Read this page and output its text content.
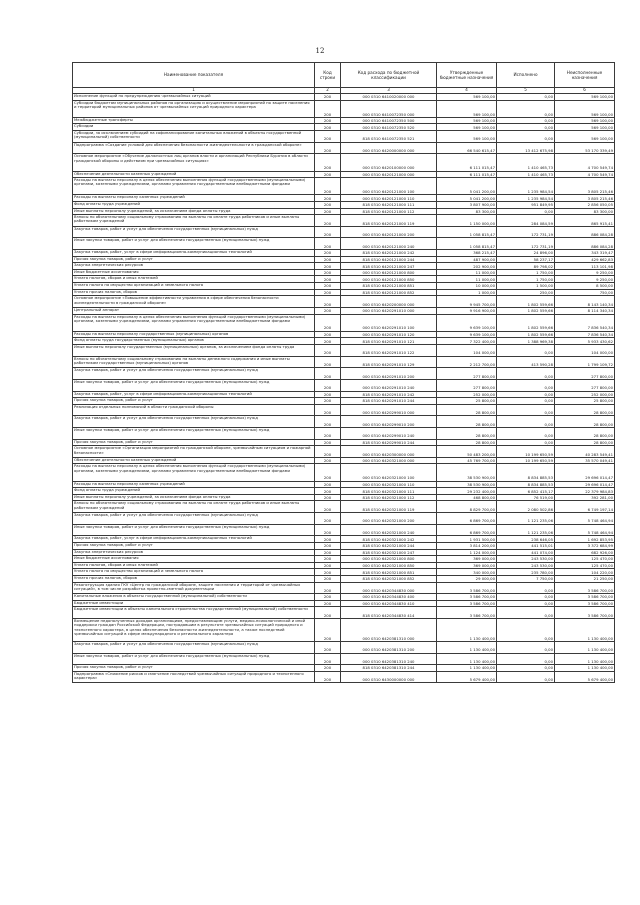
12
Наименование показателя	Код строки	Код расхода по бюджетной классификации	Утвержденные бюджетные назначения	Исполнено	Неисполненные назначения
1	2	3	4	5	6
Исполнение функций по предупреждению чрезвычайных ситуаций	200	000 0310 6410020000 000	569 100,00	0,00	569 100,00
Субсидии бюджетам муниципальных районов на организацию и осуществление мероприятий по защите населения и территорий муниципальных районов от чрезвычайных ситуаций природного характера	200	000 0310 6410072350 000	569 100,00	0,00	569 100,00
Межбюджетные трансферты	200	000 0310 6410072350 500	569 100,00	0,00	569 100,00
Субсидии	200	000 0310 6410072350 520	569 100,00	0,00	569 100,00
Субсидии, за исключением субсидий на софинансирование капитальных вложений в объекты государственной (муниципальной) собственности	200	818 0310 6410072350 521	569 100,00	0,00	569 100,00
Подпрограмма «Создание условий для обеспечения безопасности жизнедеятельности в гражданской обороне»	200	000 0310 6420000000 000	66 540 615,47	13 412 675,98	53 170 339,49
Основное мероприятие «Обучение должностных лиц органов власти и организаций Республики Бурятия в области гражданской обороны и действиям при чрезвычайных ситуациях»	200	000 0310 6420100000 000	6 111 015,47	1 410 465,73	4 700 549,74
Обеспечение деятельности казенных учреждений	200	000 0310 6420121000 000	6 111 015,47	1 410 465,73	4 700 549,74
Расходы на выплаты персоналу в целях обеспечения выполнения функций государственными (муниципальными) органами, казенными учреждениями, органами управления государственными внебюджетными фондами	200	000 0310 6420121000 100	5 041 200,00	1 235 984,54	3 805 215,46
Расходы на выплаты персоналу казенных учреждений	200	000 0310 6420121000 110	5 041 200,00	1 235 984,54	3 805 215,46
Фонд оплаты труда учреждений	200	818 0310 6420121000 111	3 807 900,00	951 849,95	2 856 050,05
Иные выплаты персоналу учреждений, за исключением фонда оплаты труда	200	818 0310 6420121000 112	83 300,00	0,00	83 300,00
Взносы по обязательному социальному страхованию на выплаты по оплате труда работников и иные выплаты работникам учреждений	200	818 0310 6420121000 119	1 150 000,00	284 084,59	865 915,41
Закупка товаров, работ и услуг для обеспечения государственных (муниципальных) нужд	200	000 0310 6420121000 200	1 058 815,47	172 731,19	886 084,28
Иные закупки товаров, работ и услуг для обеспечения государственных (муниципальных) нужд	200	000 0310 6420121000 240	1 058 815,47	172 731,19	886 084,28
Закупка товаров, работ, услуг в сфере информационно-коммуникационных технологий	200	818 0310 6420121000 242	368 215,47	24 896,00	343 319,47
Прочая закупка товаров, работ и услуг	200	818 0310 6420121000 244	487 900,00	58 237,17	429 662,83
Закупка энергетических ресурсов	200	818 0310 6420121000 247	202 900,00	89 798,02	113 101,98
Иные бюджетные ассигнования	200	000 0310 6420121000 800	11 000,00	1 750,00	9 250,00
Уплата налогов, сборов и иных платежей	200	000 0310 6420121000 850	11 000,00	1 750,00	9 250,00
Уплата налога на имущество организаций и земельного налога	200	818 0310 6420121000 851	10 000,00	1 500,00	8 500,00
Уплата прочих налогов, сборов	200	818 0310 6420121000 852	1 000,00	250,00	750,00
Основное мероприятие «Повышение эффективности управления в сфере обеспечения безопасности жизнедеятельности в гражданской обороне»	200	000 0310 6420200000 000	9 945 700,00	1 802 559,66	8 143 140,34
Центральный аппарат	200	000 0310 6420291010 000	9 916 900,00	1 802 559,66	8 114 340,34
Расходы на выплаты персоналу в целях обеспечения выполнения функций государственными (муниципальными) органами, казенными учреждениями, органами управления государственными внебюджетными фондами	200	000 0310 6420291010 100	9 639 100,00	1 802 559,66	7 836 540,34
Расходы на выплаты персоналу государственных (муниципальных) органов	200	000 0310 6420291010 120	9 639 100,00	1 802 559,66	7 836 540,34
Фонд оплаты труда государственных (муниципальных) органов	200	818 0310 6420291010 121	7 322 400,00	1 388 969,38	5 933 430,62
Иные выплаты персоналу государственных (муниципальных) органов, за исключением фонда оплаты труда	200	818 0310 6420291010 122	104 000,00	0,00	104 000,00
Взносы по обязательному социальному страхованию на выплаты денежного содержания и иные выплаты работникам государственных (муниципальных) органов	200	818 0310 6420291010 129	2 212 700,00	413 590,28	1 799 109,72
Закупка товаров, работ и услуг для обеспечения государственных (муниципальных) нужд	200	000 0310 6420291010 200	277 800,00	0,00	277 800,00
Иные закупки товаров, работ и услуг для обеспечения государственных (муниципальных) нужд	200	000 0310 6420291010 240	277 800,00	0,00	277 800,00
Закупка товаров, работ, услуг в сфере информационно-коммуникационных технологий	200	818 0310 6420291010 242	252 000,00	0,00	252 000,00
Прочая закупка товаров, работ и услуг	200	818 0310 6420291010 244	25 800,00	0,00	25 800,00
Реализация отдельных полномочий в области гражданской обороны	200	000 0310 6420299010 000	28 800,00	0,00	28 800,00
Закупка товаров, работ и услуг для обеспечения государственных (муниципальных) нужд	200	000 0310 6420299010 200	28 800,00	0,00	28 800,00
Иные закупки товаров, работ и услуг для обеспечения государственных (муниципальных) нужд	200	000 0310 6420299010 240	28 800,00	0,00	28 800,00
Прочая закупка товаров, работ и услуг	200	818 0310 6420299010 244	28 800,00	0,00	28 800,00
Основное мероприятие «Организация мероприятий по гражданской обороне, чрезвычайным ситуациям и пожарной безопасности»	200	000 0310 6420300000 000	50 483 200,00	10 199 650,59	40 283 549,41
Обеспечение деятельности казенных учреждений	200	000 0310 6420321000 000	45 769 700,00	10 199 650,59	35 570 049,41
Расходы на выплаты персоналу в целях обеспечения выполнения функций государственными (муниципальными) органами, казенными учреждениями, органами управления государственными внебюджетными фондами	200	000 0310 6420321000 100	38 530 900,00	8 834 885,53	29 696 014,47
Расходы на выплаты персоналу казенных учреждений	200	000 0310 6420321000 110	38 530 900,00	8 834 885,53	29 696 014,47
Фонд оплаты труда учреждений	200	818 0310 6420321000 111	29 232 400,00	6 852 415,17	22 379 984,83
Иные выплаты персоналу учреждений, за исключением фонда оплаты труда	200	818 0310 6420321000 112	468 800,00	76 519,00	392 281,00
Взносы по обязательному социальному страхованию на выплаты по оплате труда работников и иные выплаты работникам учреждений	200	818 0310 6420321000 119	8 829 700,00	2 080 502,86	6 749 197,14
Закупка товаров, работ и услуг для обеспечения государственных (муниципальных) нужд	200	000 0310 6420321000 200	6 869 700,00	1 121 235,06	5 748 464,94
Иные закупки товаров, работ и услуг для обеспечения государственных (муниципальных) нужд	200	000 0310 6420321000 240	6 869 700,00	1 121 235,06	5 748 464,94
Закупка товаров, работ, услуг в сфере информационно-коммуникационных технологий	200	818 0310 6420321000 242	1 931 500,00	238 646,05	1 692 853,95
Прочая закупка товаров, работ и услуг	200	818 0310 6420321000 244	3 814 200,00	441 515,01	3 372 684,99
Закупка энергетических ресурсов	200	818 0310 6420321000 247	1 124 000,00	441 074,00	682 926,00
Иные бюджетные ассигнования	200	000 0310 6420321000 800	369 000,00	243 530,00	125 470,00
Уплата налогов, сборов и иных платежей	200	000 0310 6420321000 850	369 000,00	243 530,00	125 470,00
Уплата налога на имущество организаций и земельного налога	200	818 0310 6420321000 851	340 000,00	235 780,00	104 220,00
Уплата прочих налогов, сборов	200	818 0310 6420321000 852	29 000,00	7 750,00	21 250,00
Реконструкция здания ГКУ «Центр по гражданской обороне, защите населения и территорий от чрезвычайных ситуаций», в том числе разработка проектно-сметной документации	200	000 0310 6420344830 000	3 586 700,00	0,00	3 586 700,00
Капитальные вложения в объекты государственной (муниципальной) собственности	200	000 0310 6420344830 400	3 586 700,00	0,00	3 586 700,00
Бюджетные инвестиции	200	000 0310 6420344830 410	3 586 700,00	0,00	3 586 700,00
Бюджетные инвестиции в объекты капитального строительства государственной (муниципальной) собственности	200	818 0310 6420344830 414	3 586 700,00	0,00	3 586 700,00
Возмещение недополученных доходов организациям, предоставляющим услуги, медико-психологической и иной поддержки граждан Российской Федерации, пострадавшим в результате чрезвычайных ситуаций природного и техногенного характера, в целях обеспечения безопасности жизнедеятельности, а также последствий чрезвычайных ситуаций в сфере международного и регионального характера	200	000 0310 6420381310 000	1 130 400,00	0,00	1 130 400,00
Закупка товаров, работ и услуг для обеспечения государственных (муниципальных) нужд	200	000 0310 6420381310 200	1 130 400,00	0,00	1 130 400,00
Иные закупки товаров, работ и услуг для обеспечения государственных (муниципальных) нужд	200	000 0310 6420381310 240	1 130 400,00	0,00	1 130 400,00
Прочая закупка товаров, работ и услуг	200	818 0310 6420381310 244	1 130 400,00	0,00	1 130 400,00
Подпрограмма «Снижение рисков и смягчение последствий чрезвычайных ситуаций природного и техногенного характера»	200	000 0310 6430000000 000	5 679 400,00	0,00	5 679 400,00
